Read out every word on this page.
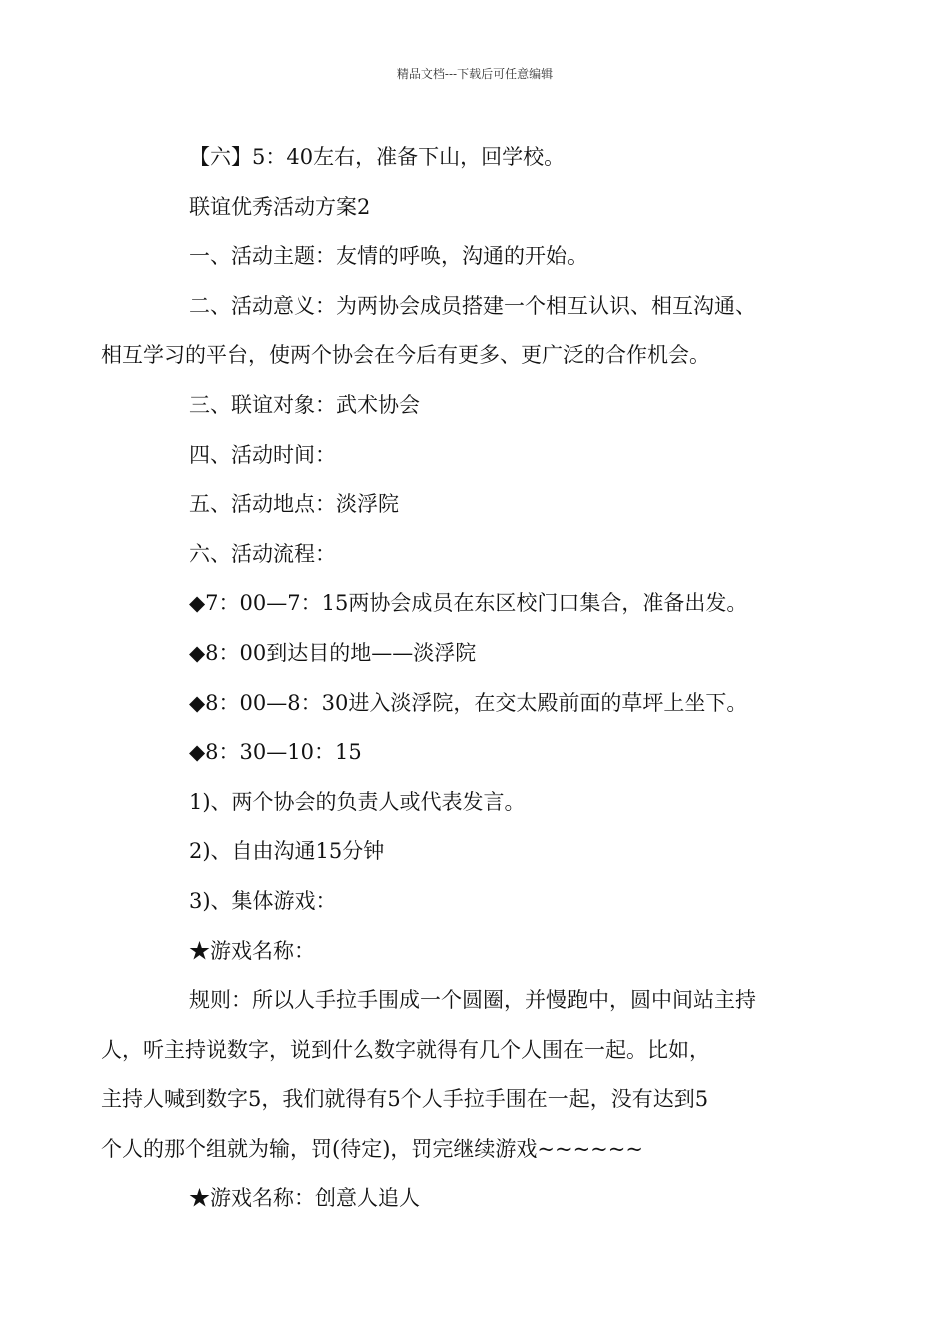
精品文档---下载后可任意编辑

【六】5：40左右，准备下山，回学校。

联谊优秀活动方案2

一、活动主题：友情的呼唤，沟通的开始。

二、活动意义：为两协会成员搭建一个相互认识、相互沟通、
相互学习的平台，使两个协会在今后有更多、更广泛的合作机会。

三、联谊对象：武术协会

四、活动时间：

五、活动地点：淡浮院

六、活动流程：

◆7：00—7：15两协会成员在东区校门口集合，准备出发。

◆8：00到达目的地——淡浮院

◆8：00—8：30进入淡浮院，在交太殿前面的草坪上坐下。

◆8：30—10：15

1)、两个协会的负责人或代表发言。

2)、自由沟通15分钟

3)、集体游戏：

★游戏名称：

规则：所以人手拉手围成一个圆圈，并慢跑中，圆中间站主持
人，听主持说数字，说到什么数字就得有几个人围在一起。比如，
主持人喊到数字5，我们就得有5个人手拉手围在一起，没有达到5
个人的那个组就为输，罚(待定)，罚完继续游戏~~~~~~

★游戏名称：创意人追人
